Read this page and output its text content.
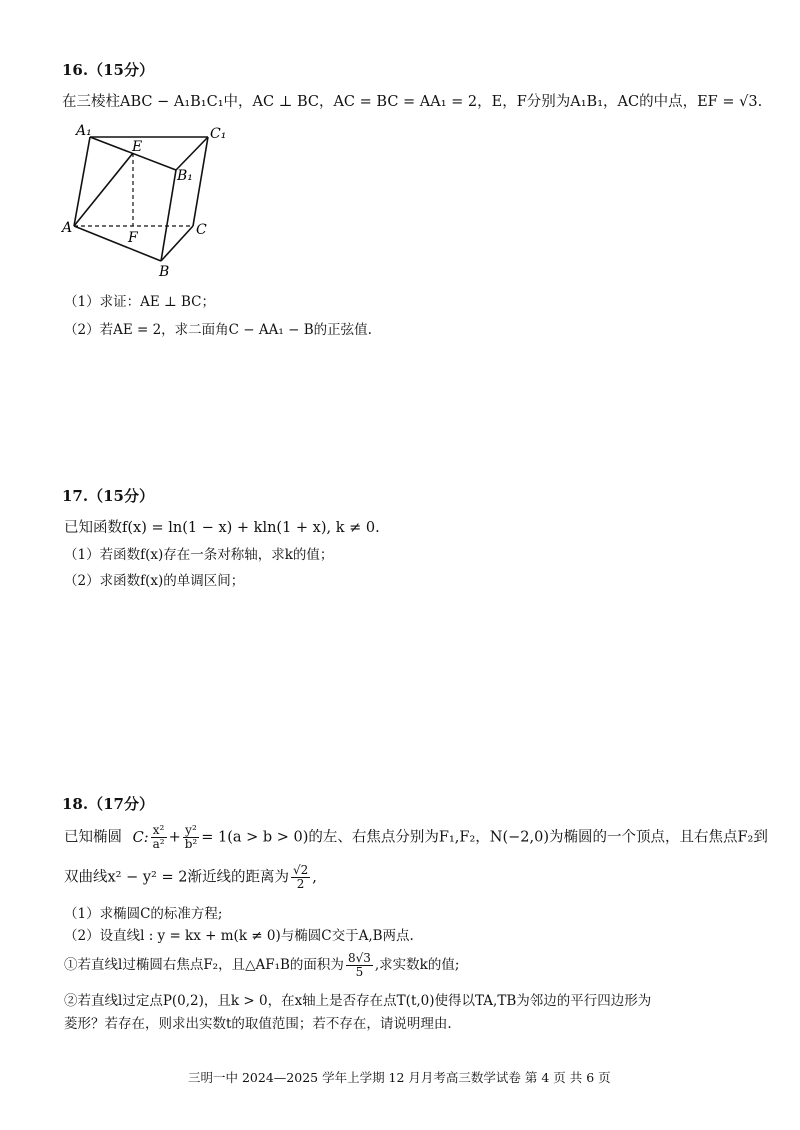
16.（15分）
在三棱柱ABC − A₁B₁C₁中，AC ⊥ BC，AC = BC = AA₁ = 2，E，F分别为A₁B₁，AC的中点，EF = √3.
A₁	C₁
E
B₁
A	C
F
B
（1）求证：AE ⊥ BC；
（2）若AE = 2，求二面角C − AA₁ − B的正弦值.
17.（15分）
已知函数f(x) = ln(1 − x) + kln(1 + x), k ≠ 0.
（1）若函数f(x)存在一条对称轴，求k的值；
（2）求函数f(x)的单调区间；
18.（17分）
已知椭圆 C: $\frac{\text{x²}}{\text{a²}} + \frac{\text{y²}}{\text{b²}} = 1(a > b > 0)$的左、右焦点分别为F₁,F₂，N(−2,0)为椭圆的一个顶点，且右焦点F₂到
双曲线x² − y² = 2渐近线的距离为 $\frac{√2}{2}$ ,
（1）求椭圆C的标准方程;
（2）设直线l : y = kx + m(k ≠ 0)与椭圆C交于A,B两点.
①若直线l过椭圆右焦点F₂，且△AF₁B的面积为 $\frac{8√3}{5}$ ,求实数k的值;
②若直线l过定点P(0,2)，且k > 0，在x轴上是否存在点T(t,0)使得以TA,TB为邻边的平行四边形为
菱形？若存在，则求出实数t的取值范围；若不存在，请说明理由.
三明一中 2024—2025 学年上学期 12 月月考高三数学试卷 第 4 页 共 6 页
